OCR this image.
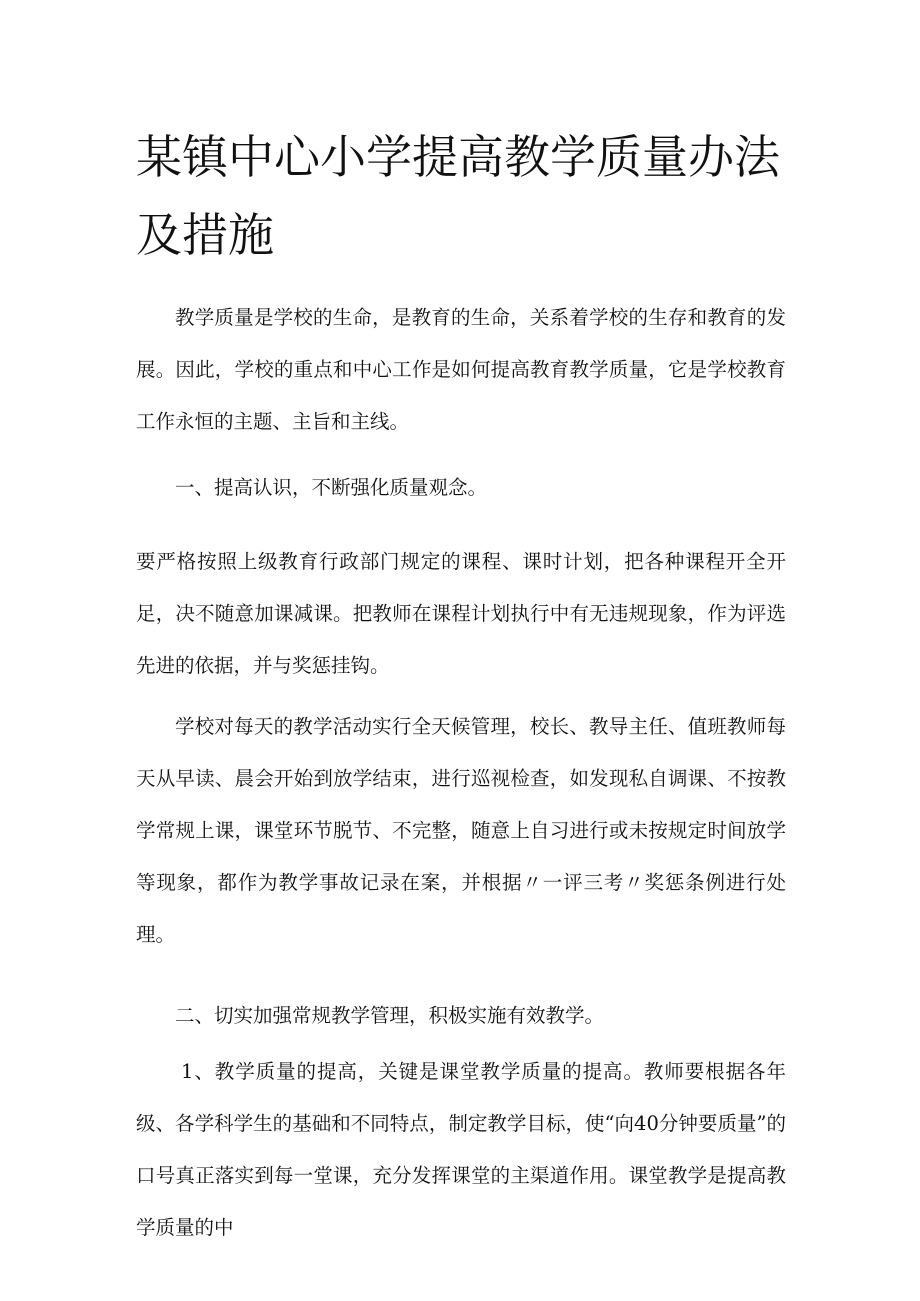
某镇中心小学提高教学质量办法及措施

教学质量是学校的生命，是教育的生命，关系着学校的生存和教育的发展。因此，学校的重点和中心工作是如何提高教育教学质量，它是学校教育工作永恒的主题、主旨和主线。

一、提高认识，不断强化质量观念。

要严格按照上级教育行政部门规定的课程、课时计划，把各种课程开全开足，决不随意加课减课。把教师在课程计划执行中有无违规现象，作为评选先进的依据，并与奖惩挂钩。

学校对每天的教学活动实行全天候管理，校长、教导主任、值班教师每天从早读、晨会开始到放学结束，进行巡视检查，如发现私自调课、不按教学常规上课，课堂环节脱节、不完整，随意上自习进行或未按规定时间放学等现象，都作为教学事故记录在案，并根据〃一评三考〃奖惩条例进行处理。

二、切实加强常规教学管理，积极实施有效教学。

1、教学质量的提高，关键是课堂教学质量的提高。教师要根据各年级、各学科学生的基础和不同特点，制定教学目标，使“向40分钟要质量”的口号真正落实到每一堂课，充分发挥课堂的主渠道作用。课堂教学是提高教学质量的中
